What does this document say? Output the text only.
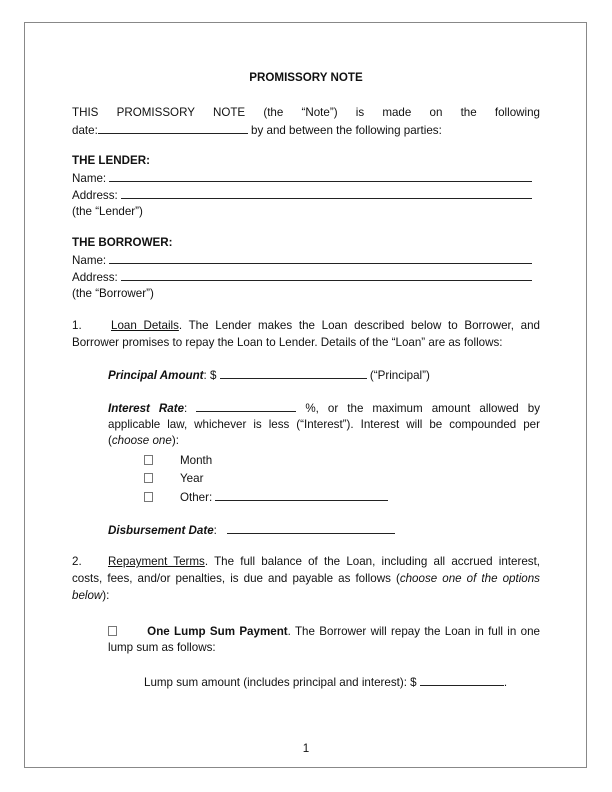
PROMISSORY NOTE
THIS PROMISSORY NOTE (the “Note”) is made on the following
date:	by and between the following parties:
THE LENDER:
Name:
Address:
(the “Lender”)
THE BORROWER:
Name:
Address:
(the “Borrower”)
1.	Loan Details. The Lender makes the Loan described below to Borrower, and
Borrower promises to repay the Loan to Lender. Details of the “Loan” are as follows:
Principal Amount: $	(“Principal”)
Interest Rate:	%, or the maximum amount allowed by
applicable law, whichever is less (“Interest”). Interest will be compounded per
(choose one):
Month
Year
Other:
Disbursement Date:
2. Repayment Terms. The full balance of the Loan, including all accrued interest,
costs, fees, and/or penalties, is due and payable as follows (choose one of the options
below):
One Lump Sum Payment. The Borrower will repay the Loan in full in one
lump sum as follows:
Lump sum amount (includes principal and interest): $	.
1
